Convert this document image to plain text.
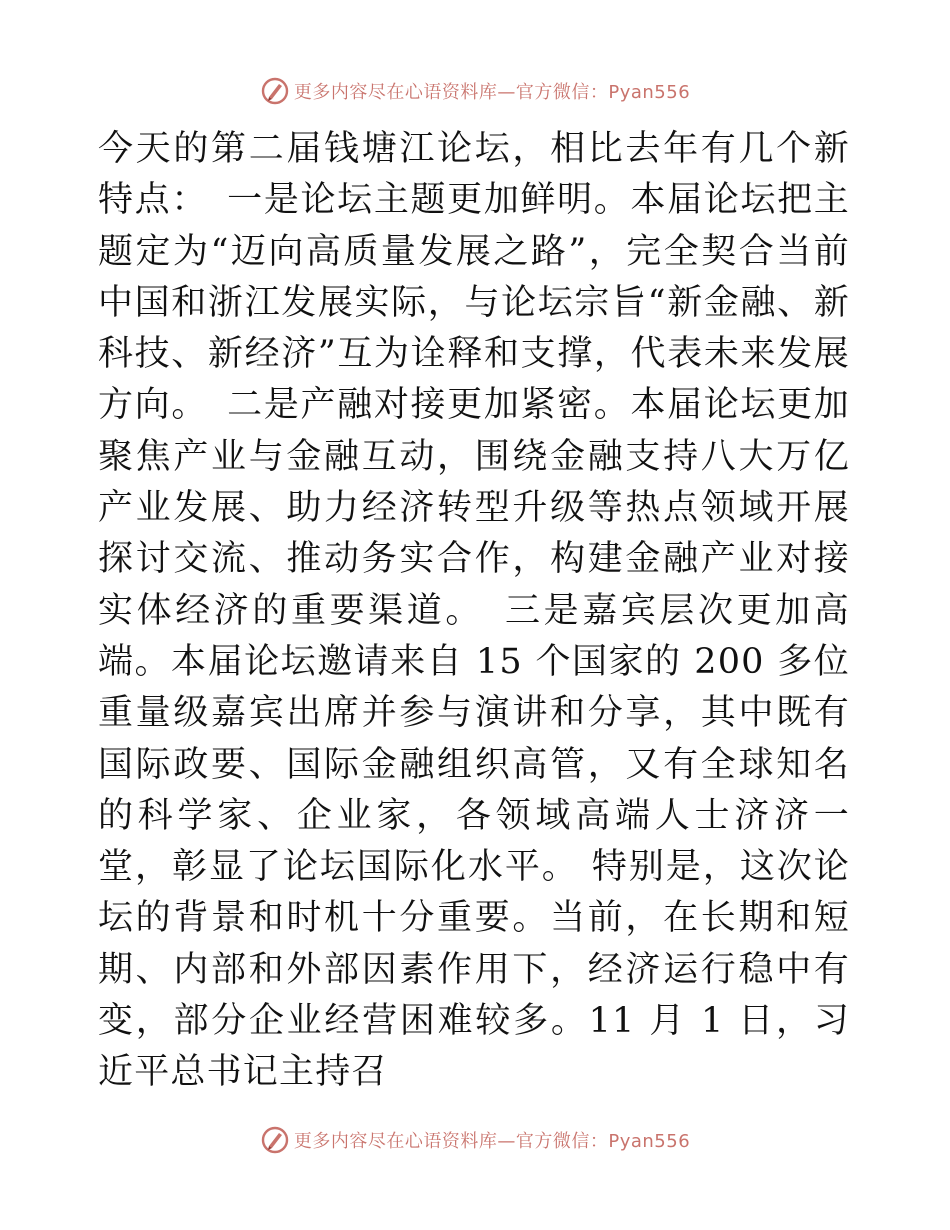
更多内容尽在心语资料库—官方微信：Pyan556

今天的第二届钱塘江论坛，相比去年有几个新特点：　一是论坛主题更加鲜明。本届论坛把主题定为“迈向高质量发展之路”，完全契合当前中国和浙江发展实际，与论坛宗旨“新金融、新科技、新经济”互为诠释和支撑，代表未来发展方向。　二是产融对接更加紧密。本届论坛更加聚焦产业与金融互动，围绕金融支持八大万亿产业发展、助力经济转型升级等热点领域开展探讨交流、推动务实合作，构建金融产业对接实体经济的重要渠道。　三是嘉宾层次更加高端。本届论坛邀请来自 15 个国家的 200 多位重量级嘉宾出席并参与演讲和分享，其中既有国际政要、国际金融组织高管，又有全球知名的科学家、企业家，各领域高端人士济济一堂，彰显了论坛国际化水平。 特别是，这次论坛的背景和时机十分重要。当前，在长期和短期、内部和外部因素作用下，经济运行稳中有变，部分企业经营困难较多。11 月 1 日，习近平总书记主持召

更多内容尽在心语资料库—官方微信：Pyan556
